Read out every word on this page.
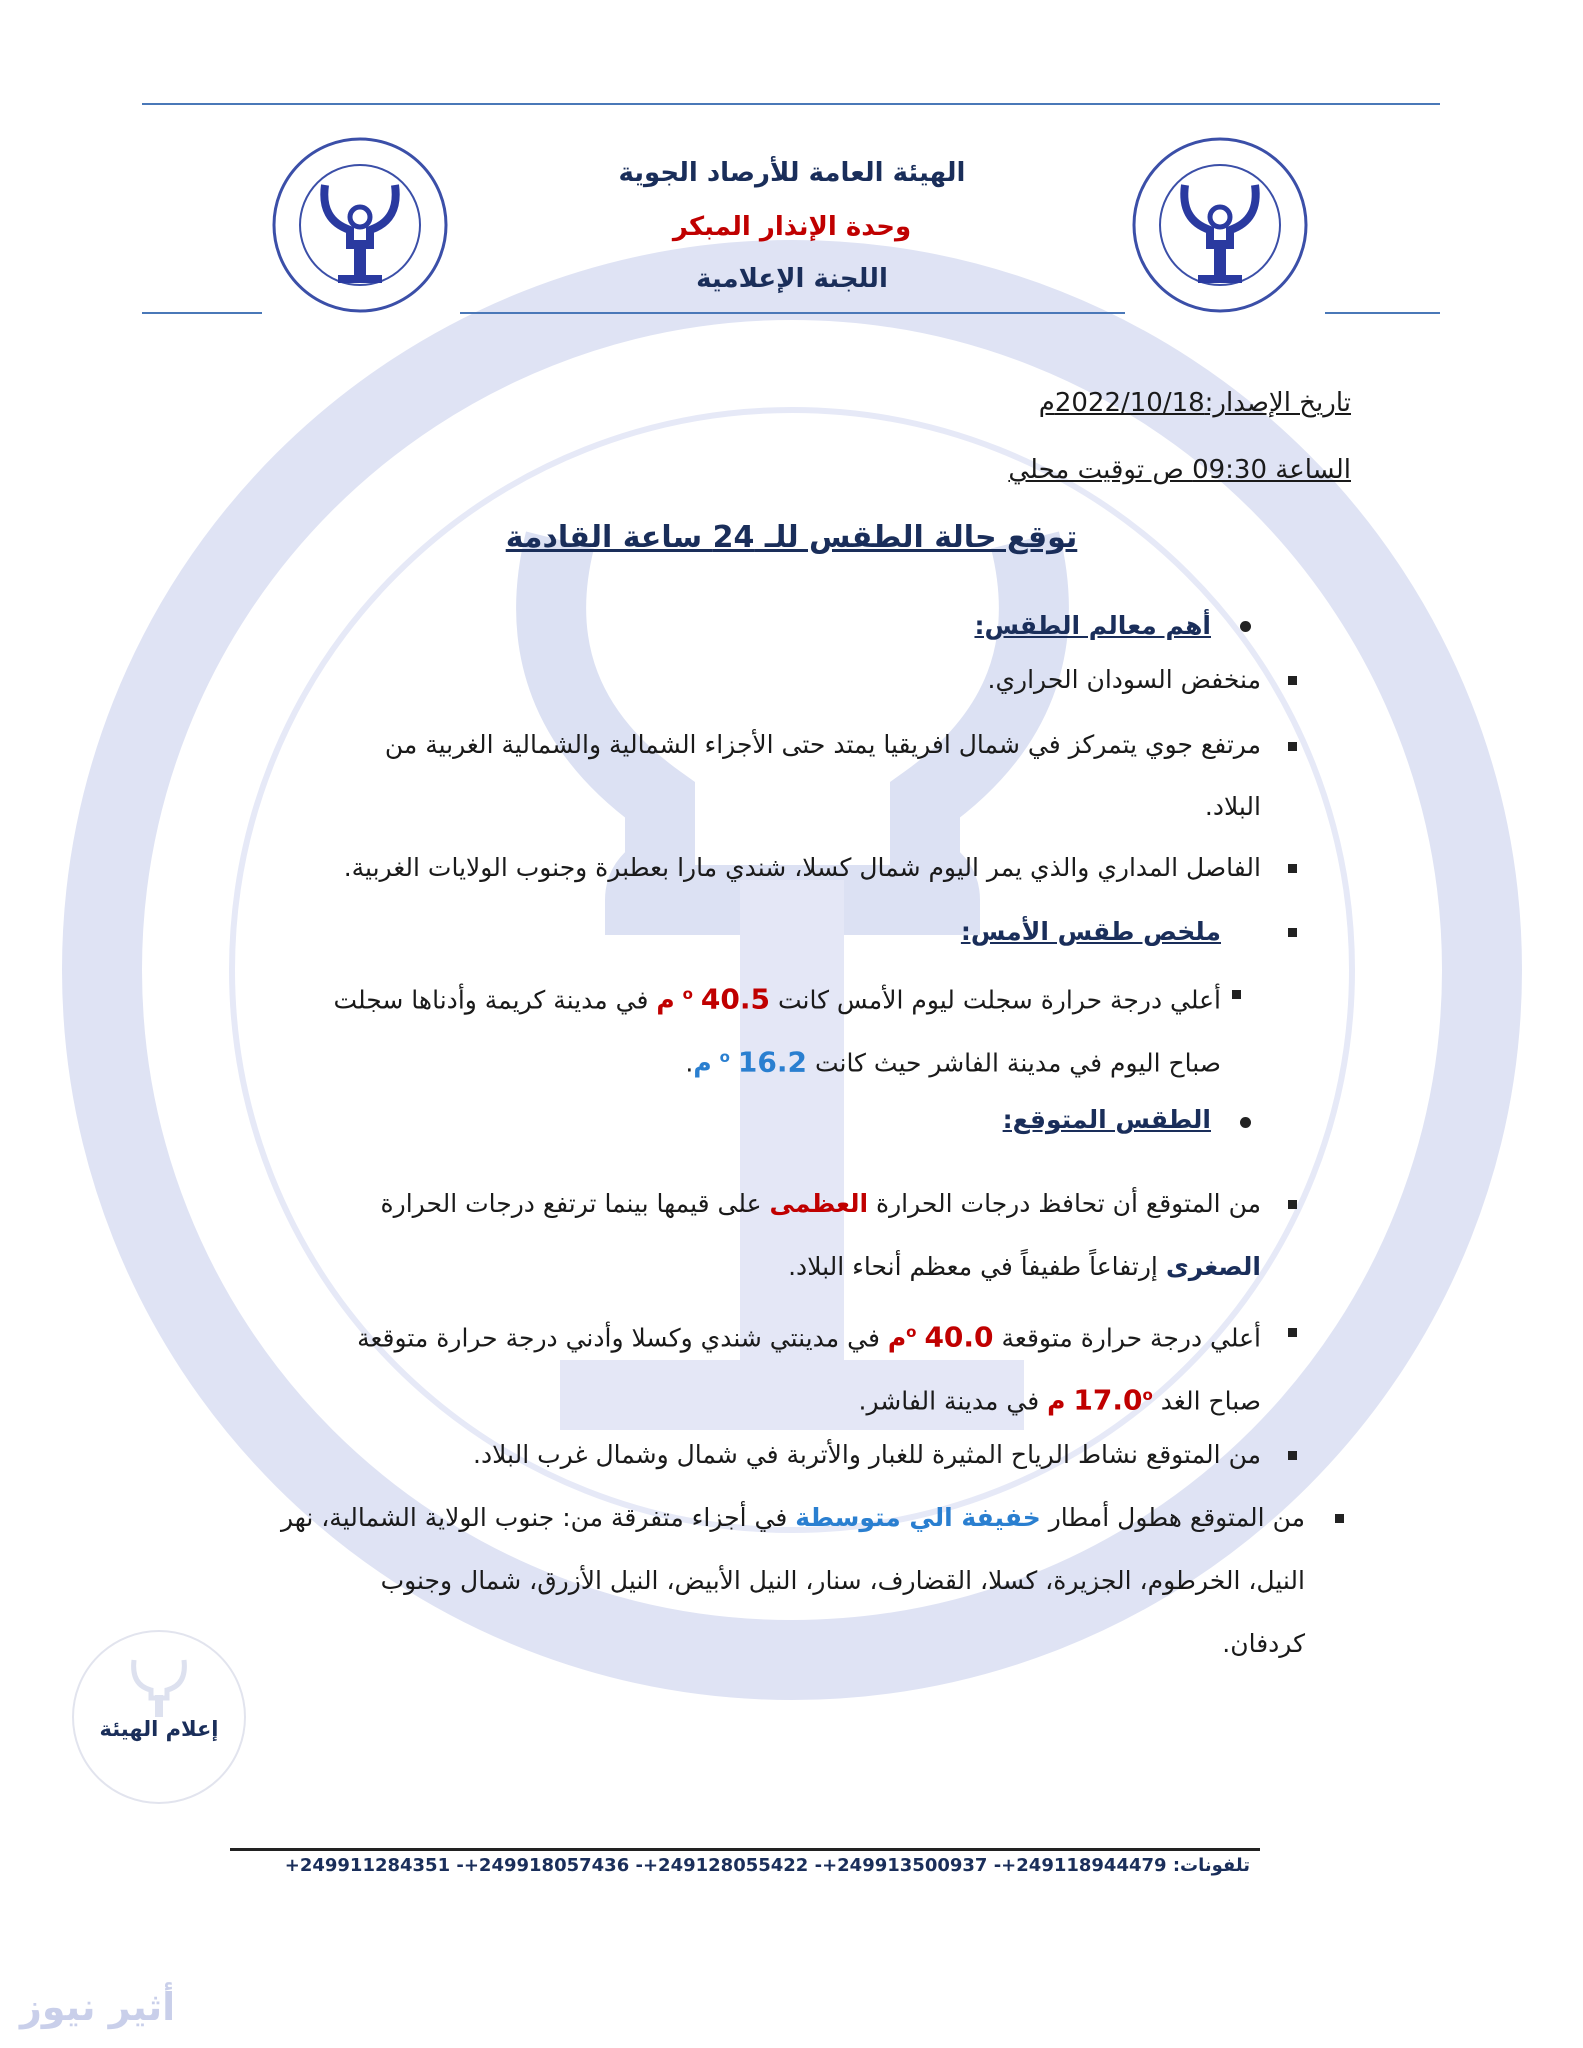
الهيئة العامة للأرصاد الجوية
وحدة الإنذار المبكر
اللجنة الإعلامية
تاريخ الإصدار:2022/10/18م
الساعة 09:30 ص توقيت محلي
توقع حالة الطقس للـ 24 ساعة القادمة
أهم معالم الطقس:
منخفض السودان الحراري.
مرتفع جوي يتمركز في شمال افريقيا يمتد حتى الأجزاء الشمالية والشمالية الغربية من
البلاد.
الفاصل المداري والذي يمر اليوم شمال كسلا، شندي مارا بعطبرة وجنوب الولايات الغربية.
ملخص طقس الأمس:
أعلي درجة حرارة سجلت ليوم الأمس كانت 40.5 $^o$ م في مدينة كريمة وأدناها سجلت
صباح اليوم في مدينة الفاشر حيث كانت 16.2 $^o$ م.
الطقس المتوقع:
من المتوقع أن تحافظ درجات الحرارة العظمى على قيمها بينما ترتفع درجات الحرارة
الصغرى إرتفاعاً طفيفاً في معظم أنحاء البلاد.
أعلي درجة حرارة متوقعة 40.0 $^o$م في مدينتي شندي وكسلا وأدني درجة حرارة متوقعة
صباح الغد 17.0$^o$ م في مدينة الفاشر.
من المتوقع نشاط الرياح المثيرة للغبار والأتربة في شمال وشمال غرب البلاد.
من المتوقع هطول أمطار خفيفة الي متوسطة في أجزاء متفرقة من: جنوب الولاية الشمالية، نهر
النيل، الخرطوم، الجزيرة، كسلا، القضارف، سنار، النيل الأبيض، النيل الأزرق، شمال وجنوب
كردفان.
إعلام الهيئة
تلفونات: +249911284351 -+249918057436 -+249128055422 -+249913500937 -+249118944479
أثير نيوز
